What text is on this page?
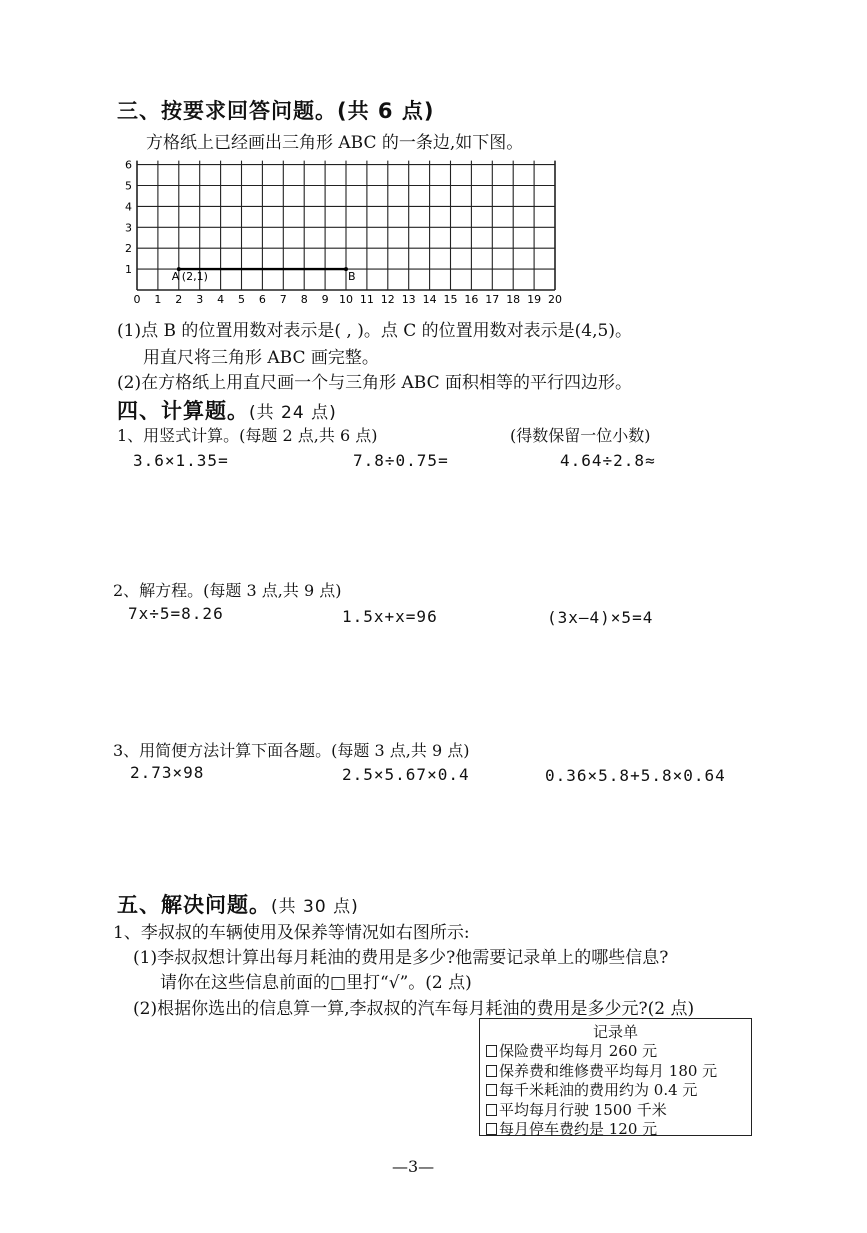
三、按要求回答问题。(共 6 点)
方格纸上已经画出三角形 ABC 的一条边,如下图。
0 1 2 3 4 5 6 7 8 9 10 11 12 13 14 15 16 17 18 19 20
1
2
3
4
5
6
A (2,1)	B
(1)点 B 的位置用数对表示是( , )。点 C 的位置用数对表示是(4,5)。
用直尺将三角形 ABC 画完整。
(2)在方格纸上用直尺画一个与三角形 ABC 面积相等的平行四边形。
四、计算题。(共 24 点)
1、用竖式计算。(每题 2 点,共 6 点)	(得数保留一位小数)
3.6×1.35=	7.8÷0.75=	4.64÷2.8≈
2、解方程。(每题 3 点,共 9 点)
7x÷5=8.26	1.5x+x=96	(3x—4)×5=4
3、用简便方法计算下面各题。(每题 3 点,共 9 点)
2.73×98	2.5×5.67×0.4	0.36×5.8+5.8×0.64
五、解决问题。(共 30 点)
1、李叔叔的车辆使用及保养等情况如右图所示:
(1)李叔叔想计算出每月耗油的费用是多少?他需要记录单上的哪些信息?
请你在这些信息前面的□里打“√”。(2 点)
(2)根据你选出的信息算一算,李叔叔的汽车每月耗油的费用是多少元?(2 点)
记录单
保险费平均每月 260 元
保养费和维修费平均每月 180 元
每千米耗油的费用约为 0.4 元
平均每月行驶 1500 千米
每月停车费约是 120 元
—3—
